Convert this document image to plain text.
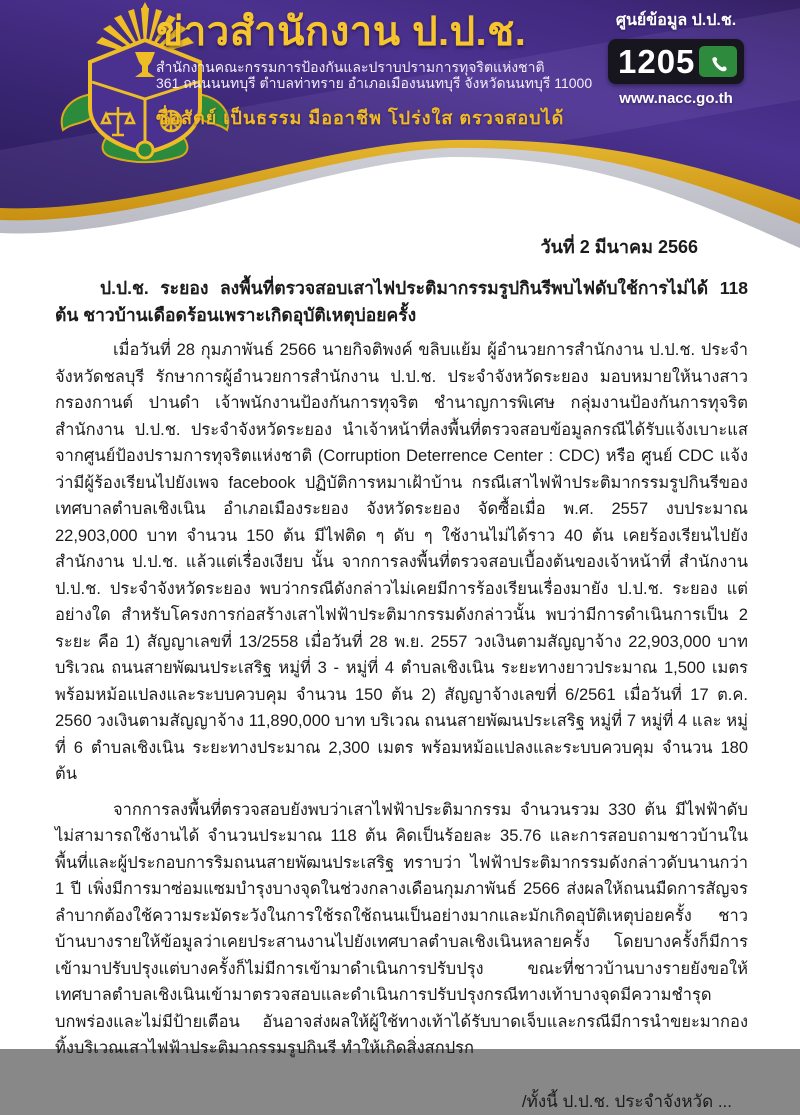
ข่าวสำนักงาน ป.ป.ช.
สำนักงานคณะกรรมการป้องกันและปราบปรามการทุจริตแห่งชาติ
361 ถนนนนทบุรี ตำบลท่าทราย อำเภอเมืองนนทบุรี จังหวัดนนทบุรี 11000
ซื่อสัตย์ เป็นธรรม มืออาชีพ โปร่งใส ตรวจสอบได้
ศูนย์ข้อมูล ป.ป.ช.
1205
www.nacc.go.th
วันที่ 2 มีนาคม 2566
ป.ป.ช. ระยอง ลงพื้นที่ตรวจสอบเสาไฟประติมากรรมรูปกินรีพบไฟดับใช้การไม่ได้ 118 ต้น ชาวบ้านเดือดร้อนเพราะเกิดอุบัติเหตุบ่อยครั้ง
เมื่อวันที่ 28 กุมภาพันธ์ 2566 นายกิจติพงค์ ขลิบแย้ม ผู้อำนวยการสำนักงาน ป.ป.ช. ประจำจังหวัดชลบุรี รักษาการผู้อำนวยการสำนักงาน ป.ป.ช. ประจำจังหวัดระยอง มอบหมายให้นางสาวกรองกานต์ ปานดำ เจ้าพนักงานป้องกันการทุจริต ชำนาญการพิเศษ กลุ่มงานป้องกันการทุจริต สำนักงาน ป.ป.ช. ประจำจังหวัดระยอง นำเจ้าหน้าที่ลงพื้นที่ตรวจสอบข้อมูลกรณีได้รับแจ้งเบาะแสจากศูนย์ป้องปรามการทุจริตแห่งชาติ (Corruption Deterrence Center : CDC) หรือ ศูนย์ CDC แจ้งว่ามีผู้ร้องเรียนไปยังเพจ facebook ปฏิบัติการหมาเฝ้าบ้าน กรณีเสาไฟฟ้าประติมากรรมรูปกินรีของเทศบาลตำบลเชิงเนิน อำเภอเมืองระยอง จังหวัดระยอง จัดซื้อเมื่อ พ.ศ. 2557 งบประมาณ 22,903,000 บาท จำนวน 150 ต้น มีไฟติด ๆ ดับ ๆ ใช้งานไม่ได้ราว 40 ต้น เคยร้องเรียนไปยังสำนักงาน ป.ป.ช. แล้วแต่เรื่องเงียบ นั้น จากการลงพื้นที่ตรวจสอบเบื้องต้นของเจ้าหน้าที่ สำนักงาน ป.ป.ช. ประจำจังหวัดระยอง พบว่ากรณีดังกล่าวไม่เคยมีการร้องเรียนเรื่องมายัง ป.ป.ช. ระยอง แต่อย่างใด สำหรับโครงการก่อสร้างเสาไฟฟ้าประติมากรรมดังกล่าวนั้น พบว่ามีการดำเนินการเป็น 2 ระยะ คือ 1) สัญญาเลขที่ 13/2558 เมื่อวันที่ 28 พ.ย. 2557 วงเงินตามสัญญาจ้าง 22,903,000 บาท บริเวณ ถนนสายพัฒนประเสริฐ หมู่ที่ 3 - หมู่ที่ 4 ตำบลเชิงเนิน ระยะทางยาวประมาณ 1,500 เมตร พร้อมหม้อแปลงและระบบควบคุม จำนวน 150 ต้น 2) สัญญาจ้างเลขที่ 6/2561 เมื่อวันที่ 17 ต.ค. 2560 วงเงินตามสัญญาจ้าง 11,890,000 บาท บริเวณ ถนนสายพัฒนประเสริฐ หมู่ที่ 7 หมู่ที่ 4 และ หมู่ที่ 6 ตำบลเชิงเนิน ระยะทางประมาณ 2,300 เมตร พร้อมหม้อแปลงและระบบควบคุม จำนวน 180 ต้น
จากการลงพื้นที่ตรวจสอบยังพบว่าเสาไฟฟ้าประติมากรรม จำนวนรวม 330 ต้น มีไฟฟ้าดับ ไม่สามารถใช้งานได้ จำนวนประมาณ 118 ต้น คิดเป็นร้อยละ 35.76 และการสอบถามชาวบ้านในพื้นที่และผู้ประกอบการริมถนนสายพัฒนประเสริฐ ทราบว่า ไฟฟ้าประติมากรรมดังกล่าวดับนานกว่า 1 ปี เพิ่งมีการมาซ่อมแซมบำรุงบางจุดในช่วงกลางเดือนกุมภาพันธ์ 2566 ส่งผลให้ถนนมืดการสัญจรลำบากต้องใช้ความระมัดระวังในการใช้รถใช้ถนนเป็นอย่างมากและมักเกิดอุบัติเหตุบ่อยครั้ง ชาวบ้านบางรายให้ข้อมูลว่าเคยประสานงานไปยังเทศบาลตำบลเชิงเนินหลายครั้ง โดยบางครั้งก็มีการเข้ามาปรับปรุงแต่บางครั้งก็ไม่มีการเข้ามาดำเนินการปรับปรุง ขณะที่ชาวบ้านบางรายยังขอให้เทศบาลตำบลเชิงเนินเข้ามาตรวจสอบและดำเนินการปรับปรุงกรณีทางเท้าบางจุดมีความชำรุดบกพร่องและไม่มีป้ายเตือน อันอาจส่งผลให้ผู้ใช้ทางเท้าได้รับบาดเจ็บและกรณีมีการนำขยะมากองทิ้งบริเวณเสาไฟฟ้าประติมากรรมรูปกินรี ทำให้เกิดสิ่งสกปรก
/ทั้งนี้ ป.ป.ช. ประจำจังหวัด ...
